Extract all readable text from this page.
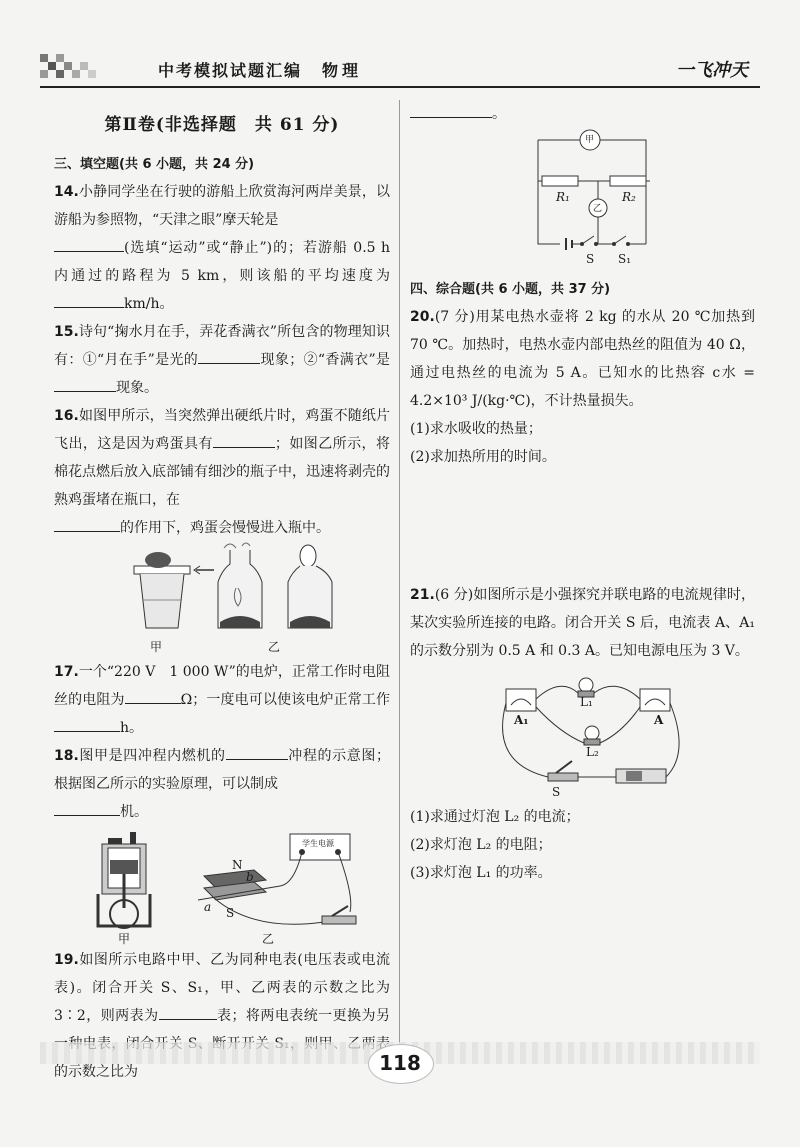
中考模拟试题汇编 物理	一飞冲天
第Ⅱ卷(非选择题　共 61 分)
三、填空题(共 6 小题，共 24 分)

14.小静同学坐在行驶的游船上欣赏海河两岸美景，以游船为参照物，“天津之眼”摩天轮是
(选填“运动”或“静止”)的；若游船 0.5 h 内通过的路程为 5 km，则该船的平均速度为km/h。

15.诗句“掬水月在手，弄花香满衣”所包含的物理知识有：①“月在手”是光的	现象；②“香满衣”是现象。

16.如图甲所示，当突然弹出硬纸片时，鸡蛋不随纸片飞出，这是因为鸡蛋具有	；如图乙所示，将棉花点燃后放入底部铺有细沙的瓶子中，迅速将剥壳的熟鸡蛋堵在瓶口，在
的作用下，鸡蛋会慢慢进入瓶中。

甲	乙

17.一个“220 V　1 000 W”的电炉，正常工作时电阻丝的电阻为	Ω；一度电可以使该电炉正常工作h。

18.图甲是四冲程内燃机的	冲程的示意图；根据图乙所示的实验原理，可以制成
机。

学生电源
N
b
a S
甲	乙

19.如图所示电路中甲、乙为同种电表(电压表或电流表)。闭合开关 S、S₁，甲、乙两表的示数之比为 3∶2，则两表为	表；将两电表统一更换为另 的示数之比为

。

甲
乙
R₁	R₂
S S₁
四、综合题(共 6 小题，共 37 分)

20.(7 分)用某电热水壶将 2 kg 的水从 20 ℃加热到 70 ℃。加热时，电热水壶内部电热丝的阻值为 40 Ω，通过电热丝的电流为 5 A。已知水的比热容 c水 = 4.2×10³ J/(kg·℃)，不计热量损失。

(1)求水吸收的热量；

(2)求加热所用的时间。

21.(6 分)如图所示是小强探究并联电路的电流规律时，某次实验所连接的电路。闭合开关 S 后，电流表 A、A₁ 的示数分别为 0.5 A 和 0.3 A。已知电源电压为 3 V。

L₁
L₂
A₁	A
S

(1)求通过灯泡 L₂ 的电流；

(2)求灯泡 L₂ 的电阻；

(3)求灯泡 L₁ 的功率。

118
